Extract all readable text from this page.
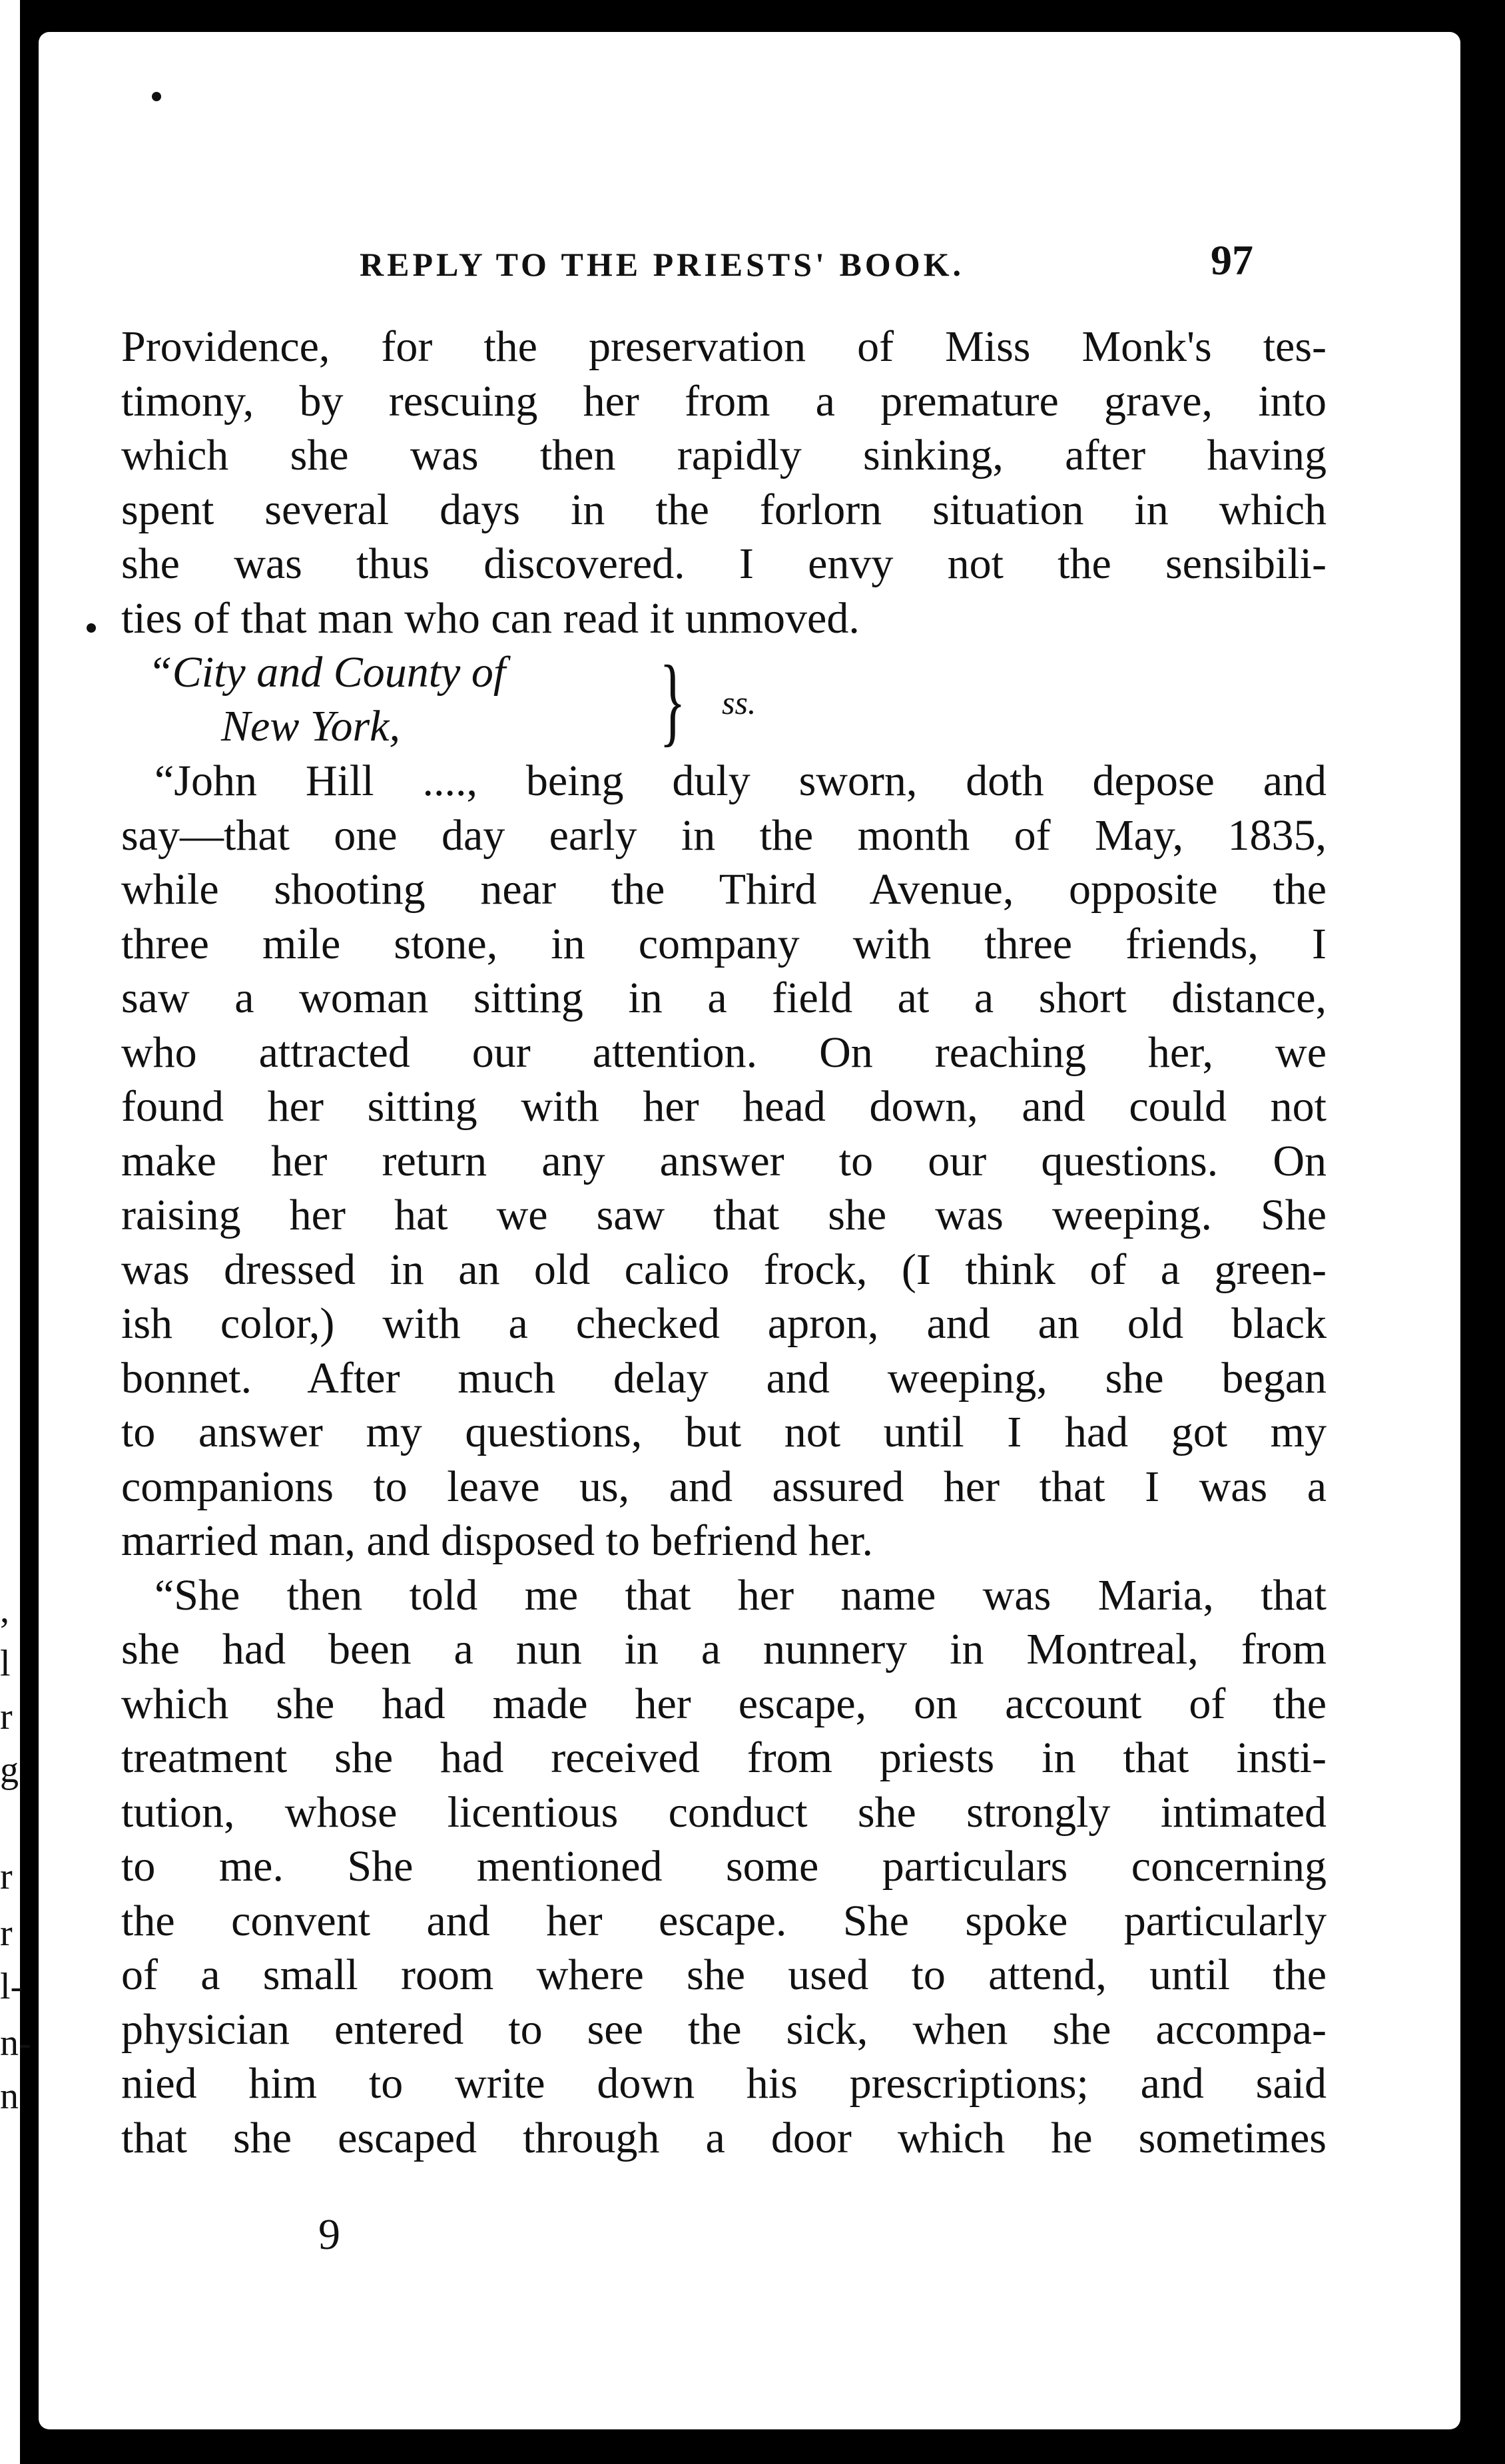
,
l
r
g
r
r
l-
n-
n
REPLY TO THE PRIESTS' BOOK.	97
Providence, for the preservation of Miss Monk's tes-
timony, by rescuing her from a premature grave, into
which she was then rapidly sinking, after having
spent several days in the forlorn situation in which
she was thus discovered. I envy not the sensibili-
ties of that man who can read it unmoved.
“City and County of
New York,	} ss.
“John Hill ...., being duly sworn, doth depose and
say—that one day early in the month of May, 1835,
while shooting near the Third Avenue, opposite the
three mile stone, in company with three friends, I
saw a woman sitting in a field at a short distance,
who attracted our attention. On reaching her, we
found her sitting with her head down, and could not
make her return any answer to our questions. On
raising her hat we saw that she was weeping. She
was dressed in an old calico frock, (I think of a green-
ish color,) with a checked apron, and an old black
bonnet. After much delay and weeping, she began
to answer my questions, but not until I had got my
companions to leave us, and assured her that I was a
married man, and disposed to befriend her.
“She then told me that her name was Maria, that
she had been a nun in a nunnery in Montreal, from
which she had made her escape, on account of the
treatment she had received from priests in that insti-
tution, whose licentious conduct she strongly intimated
to me. She mentioned some particulars concerning
the convent and her escape. She spoke particularly
of a small room where she used to attend, until the
physician entered to see the sick, when she accompa-
nied him to write down his prescriptions; and said
that she escaped through a door which he sometimes
9
